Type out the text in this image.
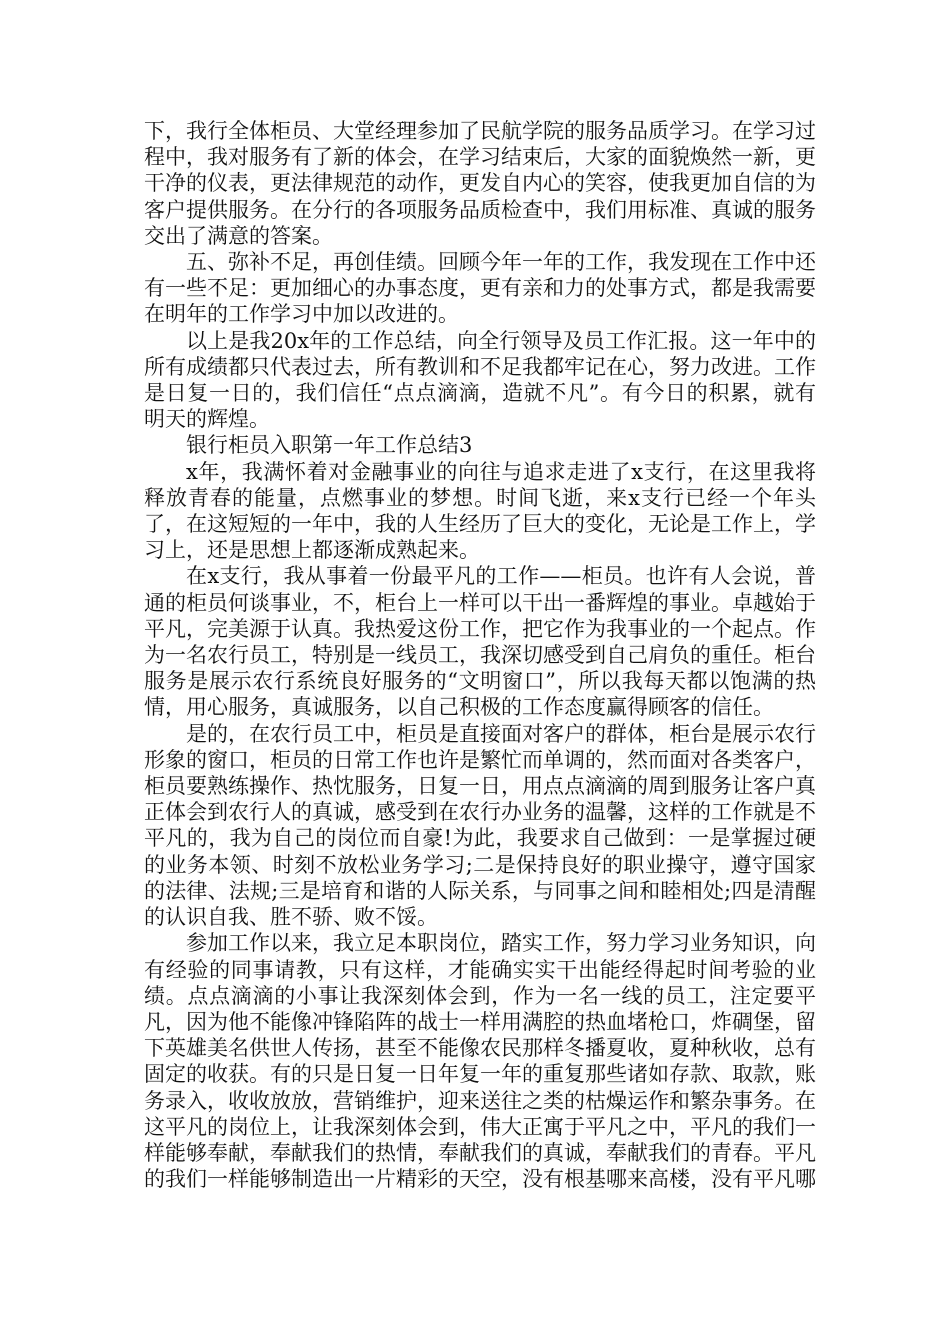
下，我行全体柜员、大堂经理参加了民航学院的服务品质学习。在学习过程中，我对服务有了新的体会，在学习结束后，大家的面貌焕然一新，更干净的仪表，更法律规范的动作，更发自内心的笑容，使我更加自信的为客户提供服务。在分行的各项服务品质检查中，我们用标准、真诚的服务交出了满意的答案。

五、弥补不足，再创佳绩。回顾今年一年的工作，我发现在工作中还有一些不足：更加细心的办事态度，更有亲和力的处事方式，都是我需要在明年的工作学习中加以改进的。

以上是我20x年的工作总结，向全行领导及员工作汇报。这一年中的所有成绩都只代表过去，所有教训和不足我都牢记在心，努力改进。工作是日复一日的，我们信任“点点滴滴，造就不凡”。有今日的积累，就有明天的辉煌。

银行柜员入职第一年工作总结3

x年，我满怀着对金融事业的向往与追求走进了x支行，在这里我将释放青春的能量，点燃事业的梦想。时间飞逝，来x支行已经一个年头了，在这短短的一年中，我的人生经历了巨大的变化，无论是工作上，学习上，还是思想上都逐渐成熟起来。

在x支行，我从事着一份最平凡的工作——柜员。也许有人会说，普通的柜员何谈事业，不，柜台上一样可以干出一番辉煌的事业。卓越始于平凡，完美源于认真。我热爱这份工作，把它作为我事业的一个起点。作为一名农行员工，特别是一线员工，我深切感受到自己肩负的重任。柜台服务是展示农行系统良好服务的“文明窗口”，所以我每天都以饱满的热情，用心服务，真诚服务，以自己积极的工作态度赢得顾客的信任。

是的，在农行员工中，柜员是直接面对客户的群体，柜台是展示农行形象的窗口，柜员的日常工作也许是繁忙而单调的，然而面对各类客户，柜员要熟练操作、热忱服务，日复一日，用点点滴滴的周到服务让客户真正体会到农行人的真诚，感受到在农行办业务的温馨，这样的工作就是不平凡的，我为自己的岗位而自豪!为此，我要求自己做到：一是掌握过硬的业务本领、时刻不放松业务学习;二是保持良好的职业操守，遵守国家的法律、法规;三是培育和谐的人际关系，与同事之间和睦相处;四是清醒的认识自我、胜不骄、败不馁。

参加工作以来，我立足本职岗位，踏实工作，努力学习业务知识，向有经验的同事请教，只有这样，才能确实实干出能经得起时间考验的业绩。点点滴滴的小事让我深刻体会到，作为一名一线的员工，注定要平凡，因为他不能像冲锋陷阵的战士一样用满腔的热血堵枪口，炸碉堡，留下英雄美名供世人传扬，甚至不能像农民那样冬播夏收，夏种秋收，总有固定的收获。有的只是日复一日年复一年的重复那些诸如存款、取款，账务录入，收收放放，营销维护，迎来送往之类的枯燥运作和繁杂事务。在这平凡的岗位上，让我深刻体会到，伟大正寓于平凡之中，平凡的我们一样能够奉献，奉献我们的热情，奉献我们的真诚，奉献我们的青春。平凡的我们一样能够制造出一片精彩的天空，没有根基哪来高楼，没有平凡哪
